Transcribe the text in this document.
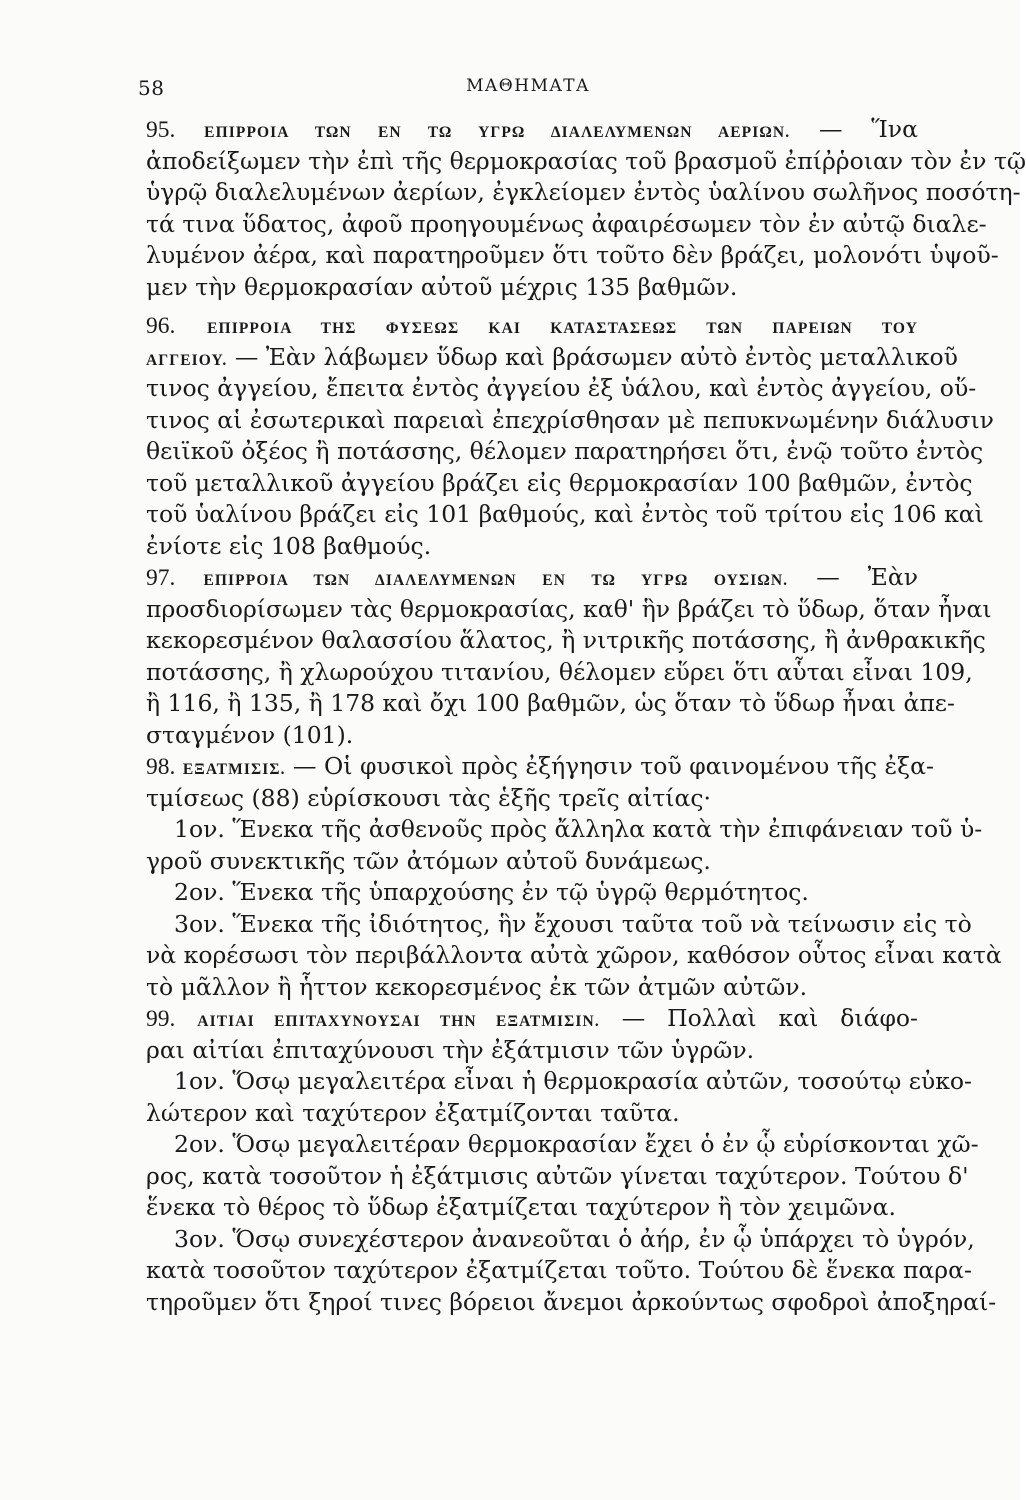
58	ΜΑΘΗΜΑΤΑ
95. ΕΠΙΡΡΟΙΑ ΤΩΝ ΕΝ ΤΩ ΥΓΡΩ ΔΙΑΛΕΛΥΜΕΝΩΝ ΑΕΡΙΩΝ. — Ἵνα
ἀποδείξωμεν τὴν ἐπὶ τῆς θερμοκρασίας τοῦ βρασμοῦ ἐπίῤῥοιαν τὸν ἐν τῷ
ὑγρῷ διαλελυμένων ἀερίων, ἐγκλείομεν ἐντὸς ὑαλίνου σωλῆνος ποσότη-
τά τινα ὕδατος, ἀφοῦ προηγουμένως ἀφαιρέσωμεν τὸν ἐν αὐτῷ διαλε-
λυμένον ἀέρα, καὶ παρατηροῦμεν ὅτι τοῦτο δὲν βράζει, μολονότι ὑψοῦ-
μεν τὴν θερμοκρασίαν αὐτοῦ μέχρις 135 βαθμῶν.
96. ΕΠΙΡΡΟΙΑ ΤΗΣ ΦΥΣΕΩΣ ΚΑΙ ΚΑΤΑΣΤΑΣΕΩΣ ΤΩΝ ΠΑΡΕΙΩΝ ΤΟΥ
ΑΓΓΕΙΟΥ. — Ἐὰν λάβωμεν ὕδωρ καὶ βράσωμεν αὐτὸ ἐντὸς μεταλλικοῦ
τινος ἀγγείου, ἔπειτα ἐντὸς ἀγγείου ἐξ ὑάλου, καὶ ἐντὸς ἀγγείου, οὕ-
τινος αἱ ἐσωτερικαὶ παρειαὶ ἐπεχρίσθησαν μὲ πεπυκνωμένην διάλυσιν
θειϊκοῦ ὀξέος ἢ ποτάσσης, θέλομεν παρατηρήσει ὅτι, ἐνῷ τοῦτο ἐντὸς
τοῦ μεταλλικοῦ ἀγγείου βράζει εἰς θερμοκρασίαν 100 βαθμῶν, ἐντὸς
τοῦ ὑαλίνου βράζει εἰς 101 βαθμούς, καὶ ἐντὸς τοῦ τρίτου εἰς 106 καὶ
ἐνίοτε εἰς 108 βαθμούς.
97. ΕΠΙΡΡΟΙΑ ΤΩΝ ΔΙΑΛΕΛΥΜΕΝΩΝ ΕΝ ΤΩ ΥΓΡΩ ΟΥΣΙΩΝ. — Ἐὰν
προσδιορίσωμεν τὰς θερμοκρασίας, καθ' ἣν βράζει τὸ ὕδωρ, ὅταν ἦναι
κεκορεσμένον θαλασσίου ἅλατος, ἢ νιτρικῆς ποτάσσης, ἢ ἀνθρακικῆς
ποτάσσης, ἢ χλωρούχου τιτανίου, θέλομεν εὕρει ὅτι αὗται εἶναι 109,
ἢ 116, ἢ 135, ἢ 178 καὶ ὄχι 100 βαθμῶν, ὡς ὅταν τὸ ὕδωρ ἦναι ἀπε-
σταγμένον (101).
98. ΕΞΑΤΜΙΣΙΣ. — Οἱ φυσικοὶ πρὸς ἐξήγησιν τοῦ φαινομένου τῆς ἐξα-
τμίσεως (88) εὑρίσκουσι τὰς ἑξῆς τρεῖς αἰτίας·
1ον. Ἕνεκα τῆς ἀσθενοῦς πρὸς ἄλληλα κατὰ τὴν ἐπιφάνειαν τοῦ ὑ-
γροῦ συνεκτικῆς τῶν ἀτόμων αὐτοῦ δυνάμεως.
2ον. Ἕνεκα τῆς ὑπαρχούσης ἐν τῷ ὑγρῷ θερμότητος.
3ον. Ἕνεκα τῆς ἰδιότητος, ἣν ἔχουσι ταῦτα τοῦ νὰ τείνωσιν εἰς τὸ
νὰ κορέσωσι τὸν περιβάλλοντα αὐτὰ χῶρον, καθόσον οὗτος εἶναι κατὰ
τὸ μᾶλλον ἢ ἧττον κεκορεσμένος ἐκ τῶν ἀτμῶν αὐτῶν.
99. ΑΙΤΙΑΙ ΕΠΙΤΑΧΥΝΟΥΣΑΙ ΤΗΝ ΕΞΑΤΜΙΣΙΝ. — Πολλαὶ καὶ διάφο-
ραι αἰτίαι ἐπιταχύνουσι τὴν ἐξάτμισιν τῶν ὑγρῶν.
1ον. Ὅσῳ μεγαλειτέρα εἶναι ἡ θερμοκρασία αὐτῶν, τοσούτῳ εὐκο-
λώτερον καὶ ταχύτερον ἐξατμίζονται ταῦτα.
2ον. Ὅσῳ μεγαλειτέραν θερμοκρασίαν ἔχει ὁ ἐν ᾧ εὑρίσκονται χῶ-
ρος, κατὰ τοσοῦτον ἡ ἐξάτμισις αὐτῶν γίνεται ταχύτερον. Τούτου δ'
ἕνεκα τὸ θέρος τὸ ὕδωρ ἐξατμίζεται ταχύτερον ἢ τὸν χειμῶνα.
3ον. Ὅσῳ συνεχέστερον ἀνανεοῦται ὁ ἀήρ, ἐν ᾧ ὑπάρχει τὸ ὑγρόν,
κατὰ τοσοῦτον ταχύτερον ἐξατμίζεται τοῦτο. Τούτου δὲ ἕνεκα παρα-
τηροῦμεν ὅτι ξηροί τινες βόρειοι ἄνεμοι ἀρκούντως σφοδροὶ ἀποξηραί-
